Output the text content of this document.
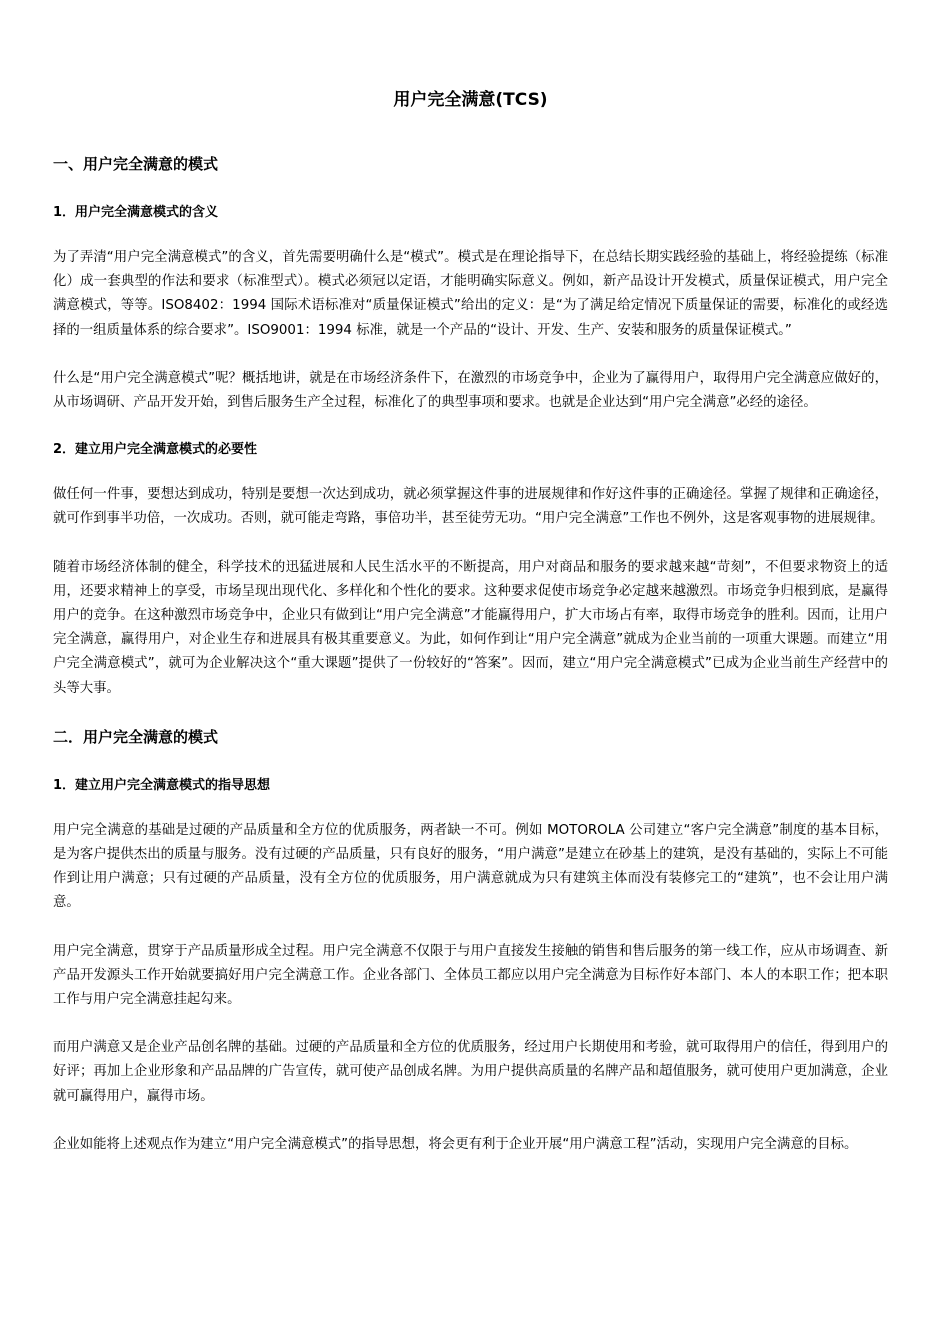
用户完全满意(TCS)
一、用户完全满意的模式
1．用户完全满意模式的含义
为了弄清“用户完全满意模式”的含义，首先需要明确什么是“模式”。模式是在理论指导下，在总结长期实践经验的基础上，将经验提练（标准化）成一套典型的作法和要求（标准型式）。模式必须冠以定语，才能明确实际意义。例如，新产品设计开发模式，质量保证模式，用户完全满意模式，等等。ISO8402：1994 国际术语标准对“质量保证模式”给出的定义：是“为了满足给定情况下质量保证的需要，标准化的或经选择的一组质量体系的综合要求”。ISO9001：1994 标准，就是一个产品的“设计、开发、生产、安装和服务的质量保证模式。”
什么是“用户完全满意模式”呢？概括地讲，就是在市场经济条件下，在激烈的市场竞争中，企业为了赢得用户，取得用户完全满意应做好的，从市场调研、产品开发开始，到售后服务生产全过程，标准化了的典型事项和要求。也就是企业达到“用户完全满意”必经的途径。
2．建立用户完全满意模式的必要性
做任何一件事，要想达到成功，特别是要想一次达到成功，就必须掌握这件事的进展规律和作好这件事的正确途径。掌握了规律和正确途径，就可作到事半功倍，一次成功。否则，就可能走弯路，事倍功半，甚至徒劳无功。“用户完全满意”工作也不例外，这是客观事物的进展规律。
随着市场经济体制的健全，科学技术的迅猛进展和人民生活水平的不断提高，用户对商品和服务的要求越来越“苛刻”，不但要求物资上的适用，还要求精神上的享受，市场呈现出现代化、多样化和个性化的要求。这种要求促使市场竞争必定越来越激烈。市场竞争归根到底，是赢得用户的竞争。在这种激烈市场竞争中，企业只有做到让“用户完全满意”才能赢得用户，扩大市场占有率，取得市场竞争的胜利。因而，让用户完全满意，赢得用户，对企业生存和进展具有极其重要意义。为此，如何作到让“用户完全满意”就成为企业当前的一项重大课题。而建立“用户完全满意模式”，就可为企业解决这个“重大课题”提供了一份较好的“答案”。因而，建立“用户完全满意模式”已成为企业当前生产经营中的头等大事。
二．用户完全满意的模式
1．建立用户完全满意模式的指导思想
用户完全满意的基础是过硬的产品质量和全方位的优质服务，两者缺一不可。例如 MOTOROLA 公司建立“客户完全满意”制度的基本目标，是为客户提供杰出的质量与服务。没有过硬的产品质量，只有良好的服务，“用户满意”是建立在砂基上的建筑，是没有基础的，实际上不可能作到让用户满意；只有过硬的产品质量，没有全方位的优质服务，用户满意就成为只有建筑主体而没有装修完工的“建筑”，也不会让用户满意。
用户完全满意，贯穿于产品质量形成全过程。用户完全满意不仅限于与用户直接发生接触的销售和售后服务的第一线工作，应从市场调查、新产品开发源头工作开始就要搞好用户完全满意工作。企业各部门、全体员工都应以用户完全满意为目标作好本部门、本人的本职工作；把本职工作与用户完全满意挂起勾来。
而用户满意又是企业产品创名牌的基础。过硬的产品质量和全方位的优质服务，经过用户长期使用和考验，就可取得用户的信任，得到用户的好评；再加上企业形象和产品品牌的广告宣传，就可使产品创成名牌。为用户提供高质量的名牌产品和超值服务，就可使用户更加满意，企业就可赢得用户，赢得市场。
企业如能将上述观点作为建立“用户完全满意模式”的指导思想，将会更有利于企业开展“用户满意工程”活动，实现用户完全满意的目标。
